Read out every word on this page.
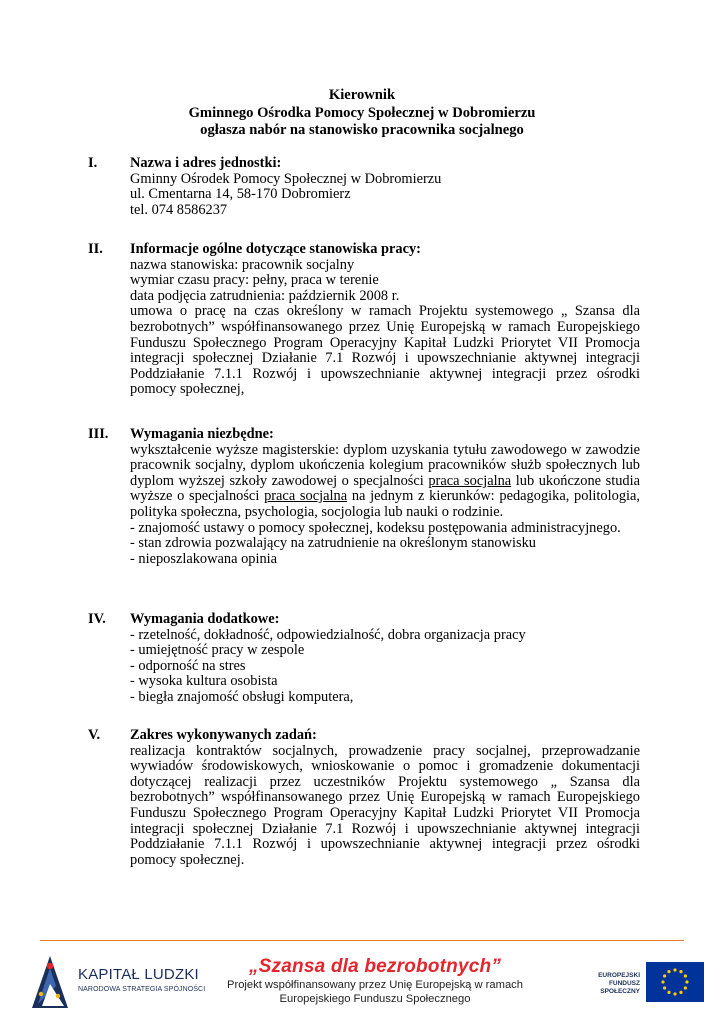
Kierownik
Gminnego Ośrodka Pomocy Społecznej w Dobromierzu
ogłasza nabór na stanowisko pracownika socjalnego
I.	Nazwa i adres jednostki:
Gminny Ośrodek Pomocy Społecznej w Dobromierzu
ul. Cmentarna 14, 58-170 Dobromierz
tel. 074 8586237
II.	Informacje ogólne dotyczące stanowiska pracy:
nazwa stanowiska: pracownik socjalny
wymiar czasu pracy: pełny, praca w terenie
data podjęcia zatrudnienia: październik 2008 r.
umowa o pracę na czas określony w ramach Projektu systemowego „ Szansa dla bezrobotnych” współfinansowanego przez Unię Europejską w ramach Europejskiego Funduszu Społecznego Program Operacyjny Kapitał Ludzki Priorytet VII Promocja integracji społecznej Działanie 7.1 Rozwój i upowszechnianie aktywnej integracji Poddziałanie 7.1.1 Rozwój i upowszechnianie aktywnej integracji przez ośrodki pomocy społecznej,
III.	Wymagania niezbędne:
wykształcenie wyższe magisterskie: dyplom uzyskania tytułu zawodowego w zawodzie pracownik socjalny, dyplom ukończenia kolegium pracowników służb społecznych lub dyplom wyższej szkoły zawodowej o specjalności praca socjalna lub ukończone studia wyższe o specjalności praca socjalna na jednym z kierunków: pedagogika, politologia, polityka społeczna, psychologia, socjologia lub nauki o rodzinie.
- znajomość ustawy o pomocy społecznej, kodeksu postępowania administracyjnego.
- stan zdrowia pozwalający na zatrudnienie na określonym stanowisku
- nieposzlakowana opinia
IV.	Wymagania dodatkowe:
- rzetelność, dokładność, odpowiedzialność, dobra organizacja pracy
- umiejętność pracy w zespole
- odporność na stres
- wysoka kultura osobista
- biegła znajomość obsługi komputera,
V.	Zakres wykonywanych zadań:
realizacja kontraktów socjalnych, prowadzenie pracy socjalnej, przeprowadzanie wywiadów środowiskowych, wnioskowanie o pomoc i gromadzenie dokumentacji dotyczącej realizacji przez uczestników Projektu systemowego „ Szansa dla bezrobotnych” współfinansowanego przez Unię Europejską w ramach Europejskiego Funduszu Społecznego Program Operacyjny Kapitał Ludzki Priorytet VII Promocja integracji społecznej Działanie 7.1 Rozwój i upowszechnianie aktywnej integracji Poddziałanie 7.1.1 Rozwój i upowszechnianie aktywnej integracji przez ośrodki pomocy społecznej.
KAPITAŁ LUDZKI
NARODOWA STRATEGIA SPÓJNOŚCI
„Szansa dla bezrobotnych”
Projekt współfinansowany przez Unię Europejską w ramach
Europejskiego Funduszu Społecznego
EUROPEJSKI
FUNDUSZ SPOŁECZNY
